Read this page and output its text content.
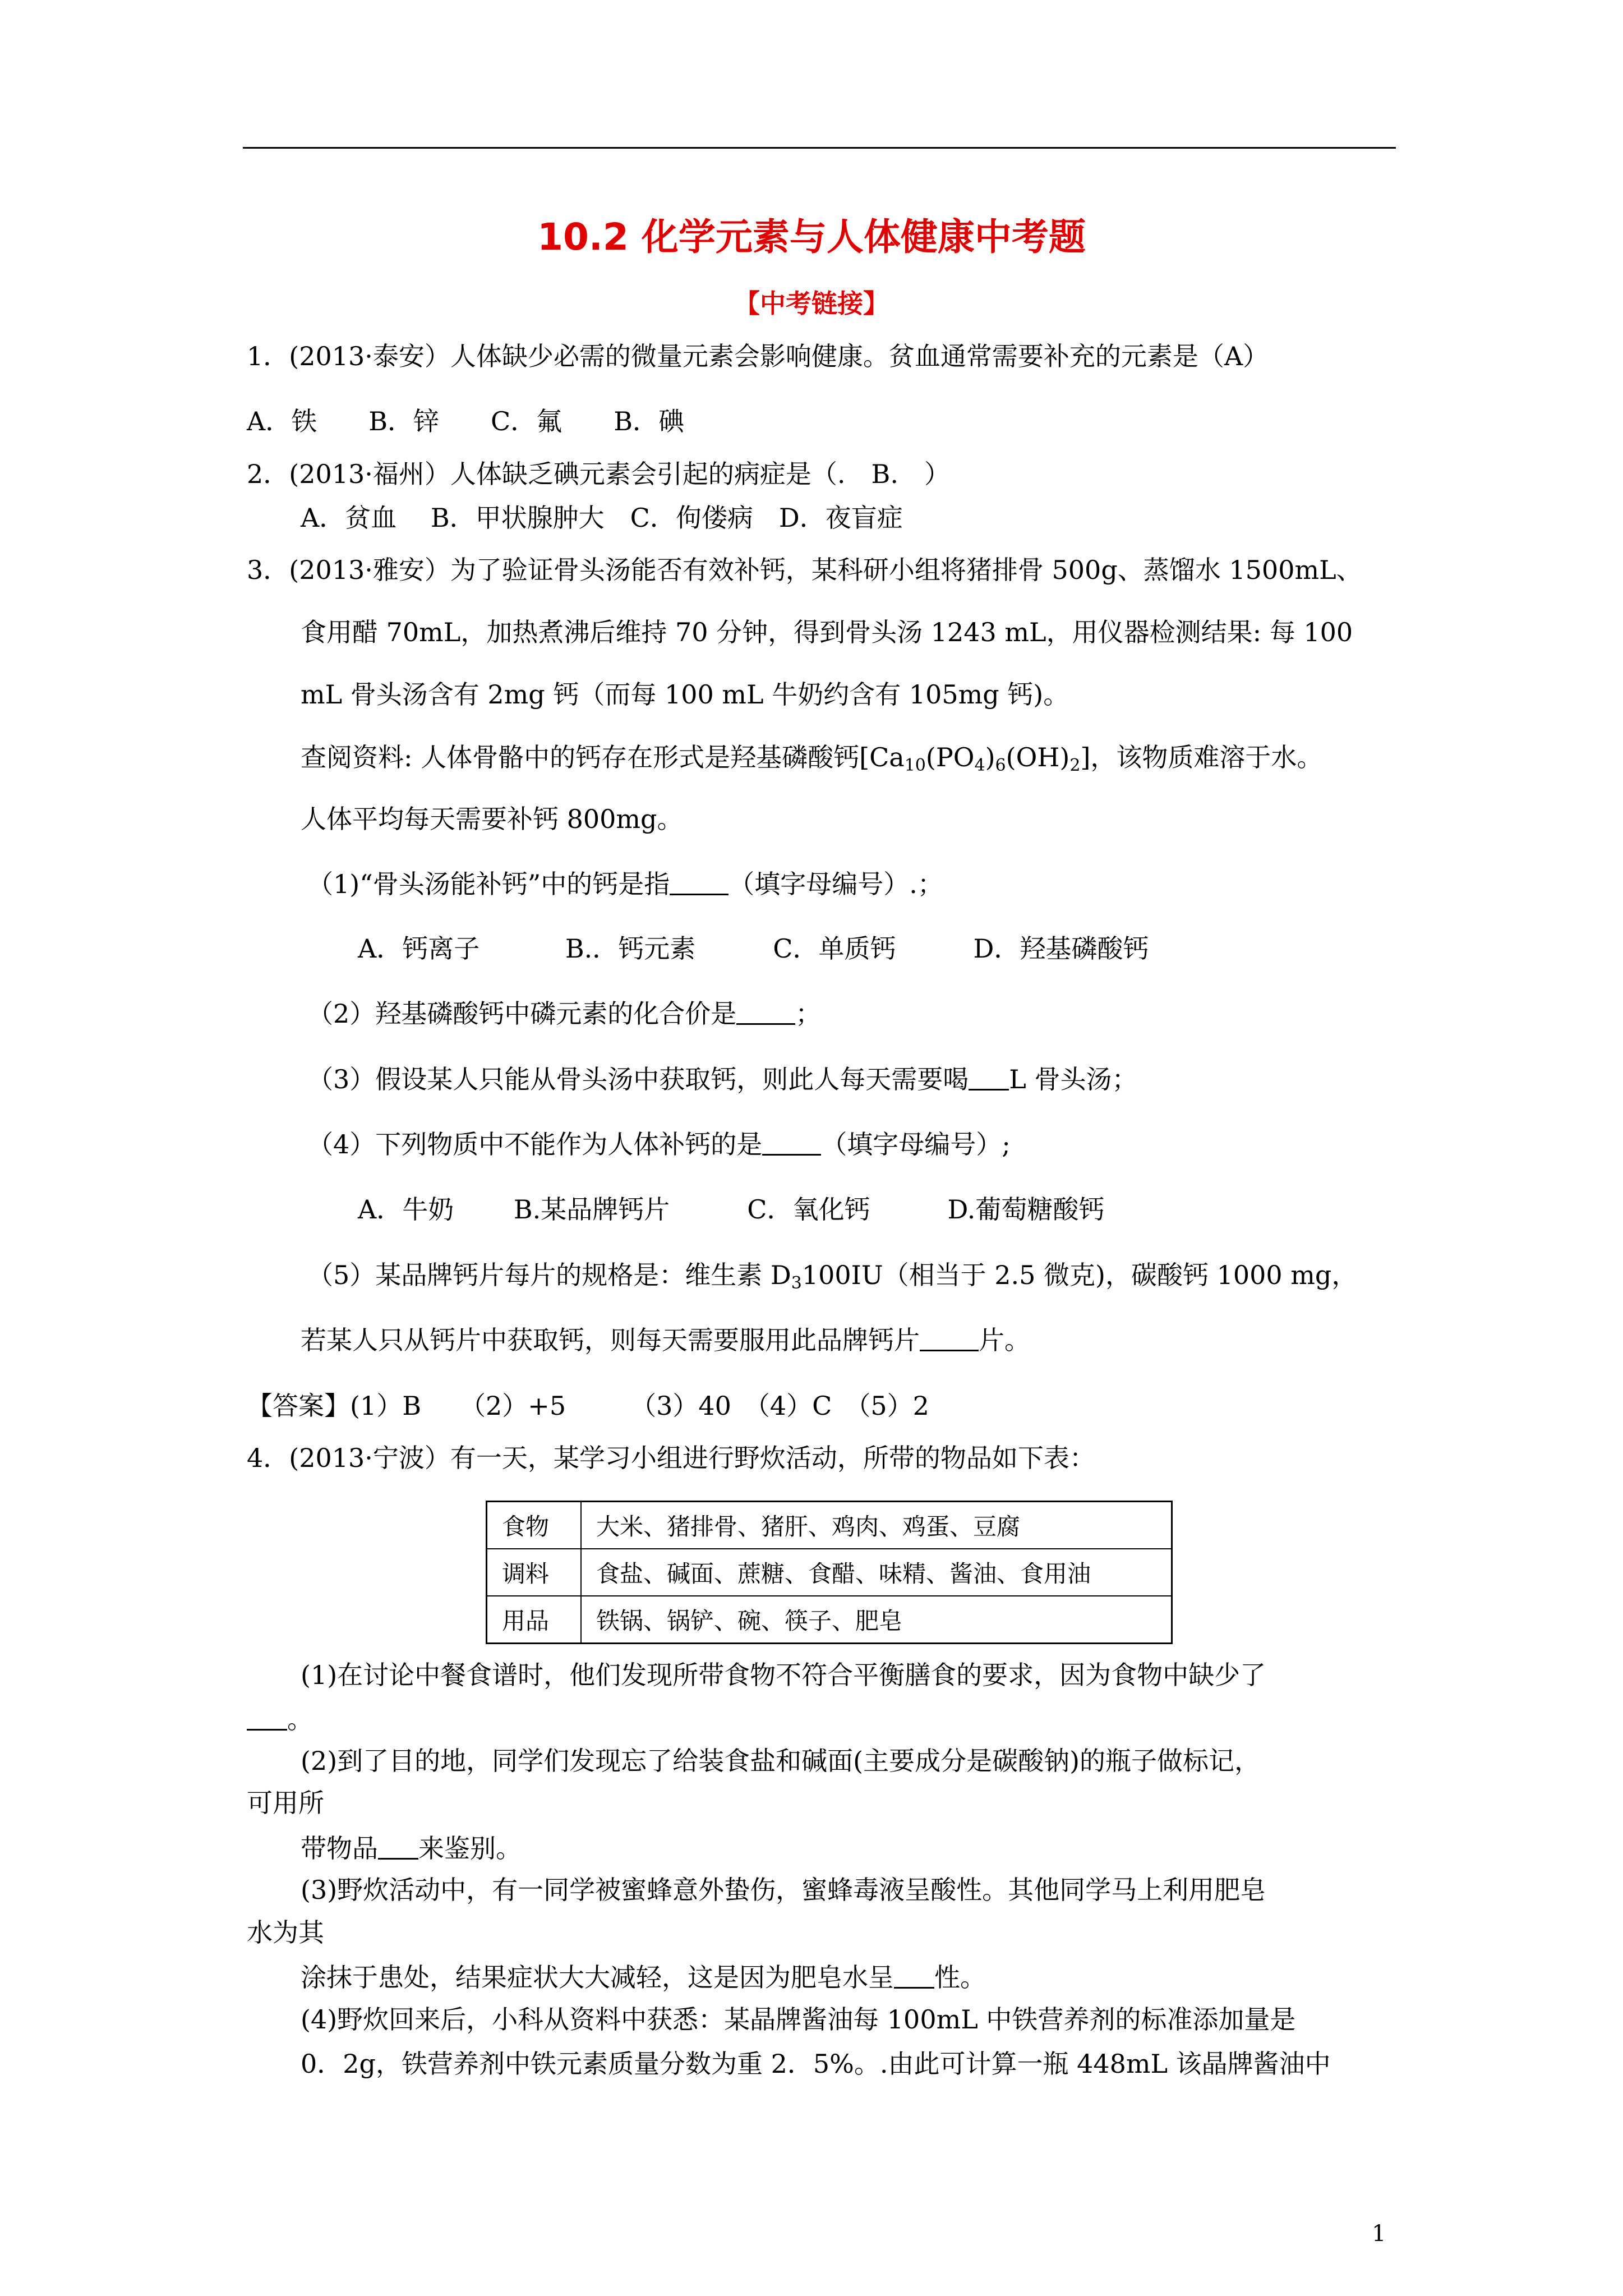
10.2 化学元素与人体健康中考题
【中考链接】
1．(2013·泰安）人体缺少必需的微量元素会影响健康。贫血通常需要补充的元素是（A）
A．铁　　B．锌　　C．氟　　B．碘
2．(2013·福州）人体缺乏碘元素会引起的病症是（.　B.　）
A．贫血　 B．甲状腺肿大　C．佝偻病　D．夜盲症
3．(2013·雅安）为了验证骨头汤能否有效补钙，某科研小组将猪排骨 500g、蒸馏水 1500mL、
食用醋 70mL，加热煮沸后维持 70 分钟，得到骨头汤 1243 mL，用仪器检测结果: 每 100
mL 骨头汤含有 2mg 钙（而每 100 mL 牛奶约含有 105mg 钙)。
查阅资料: 人体骨骼中的钙存在形式是羟基磷酸钙[Ca10(PO4)6(OH)2]，该物质难溶于水。
人体平均每天需要补钙 800mg。
（1)“骨头汤能补钙”中的钙是指 （填字母编号）.；
A．钙离子　　　 B.．钙元素　　　C．单质钙　　　D．羟基磷酸钙
（2）羟基磷酸钙中磷元素的化合价是 ；
（3）假设某人只能从骨头汤中获取钙，则此人每天需要喝 L 骨头汤；
（4）下列物质中不能作为人体补钙的是 （填字母编号）;
A．牛奶　　 B.某品牌钙片　　　C．氧化钙　　　D.葡萄糖酸钙
（5）某品牌钙片每片的规格是：维生素 D3100IU（相当于 2.5 微克)，碳酸钙 1000 mg，
若某人只从钙片中获取钙，则每天需要服用此品牌钙片 片。
【答案】(1）B　　（2）+5　　　（3）40　（4）C　（5）2
4．(2013·宁波）有一天，某学习小组进行野炊活动，所带的物品如下表：
食物	大米、猪排骨、猪肝、鸡肉、鸡蛋、豆腐
调料	食盐、碱面、蔗糖、食醋、味精、酱油、食用油
用品	铁锅、锅铲、碗、筷子、肥皂
(1)在讨论中餐食谱时，他们发现所带食物不符合平衡膳食的要求，因为食物中缺少了
。
(2)到了目的地，同学们发现忘了给装食盐和碱面(主要成分是碳酸钠)的瓶子做标记，
可用所
带物品 来鉴别。
(3)野炊活动中，有一同学被蜜蜂意外蛰伤，蜜蜂毒液呈酸性。其他同学马上利用肥皂
水为其
涂抹于患处，结果症状大大减轻，这是因为肥皂水呈 性。
(4)野炊回来后，小科从资料中获悉：某晶牌酱油每 100mL 中铁营养剂的标准添加量是
0．2g，铁营养剂中铁元素质量分数为重 2．5%。.由此可计算一瓶 448mL 该晶牌酱油中
1
